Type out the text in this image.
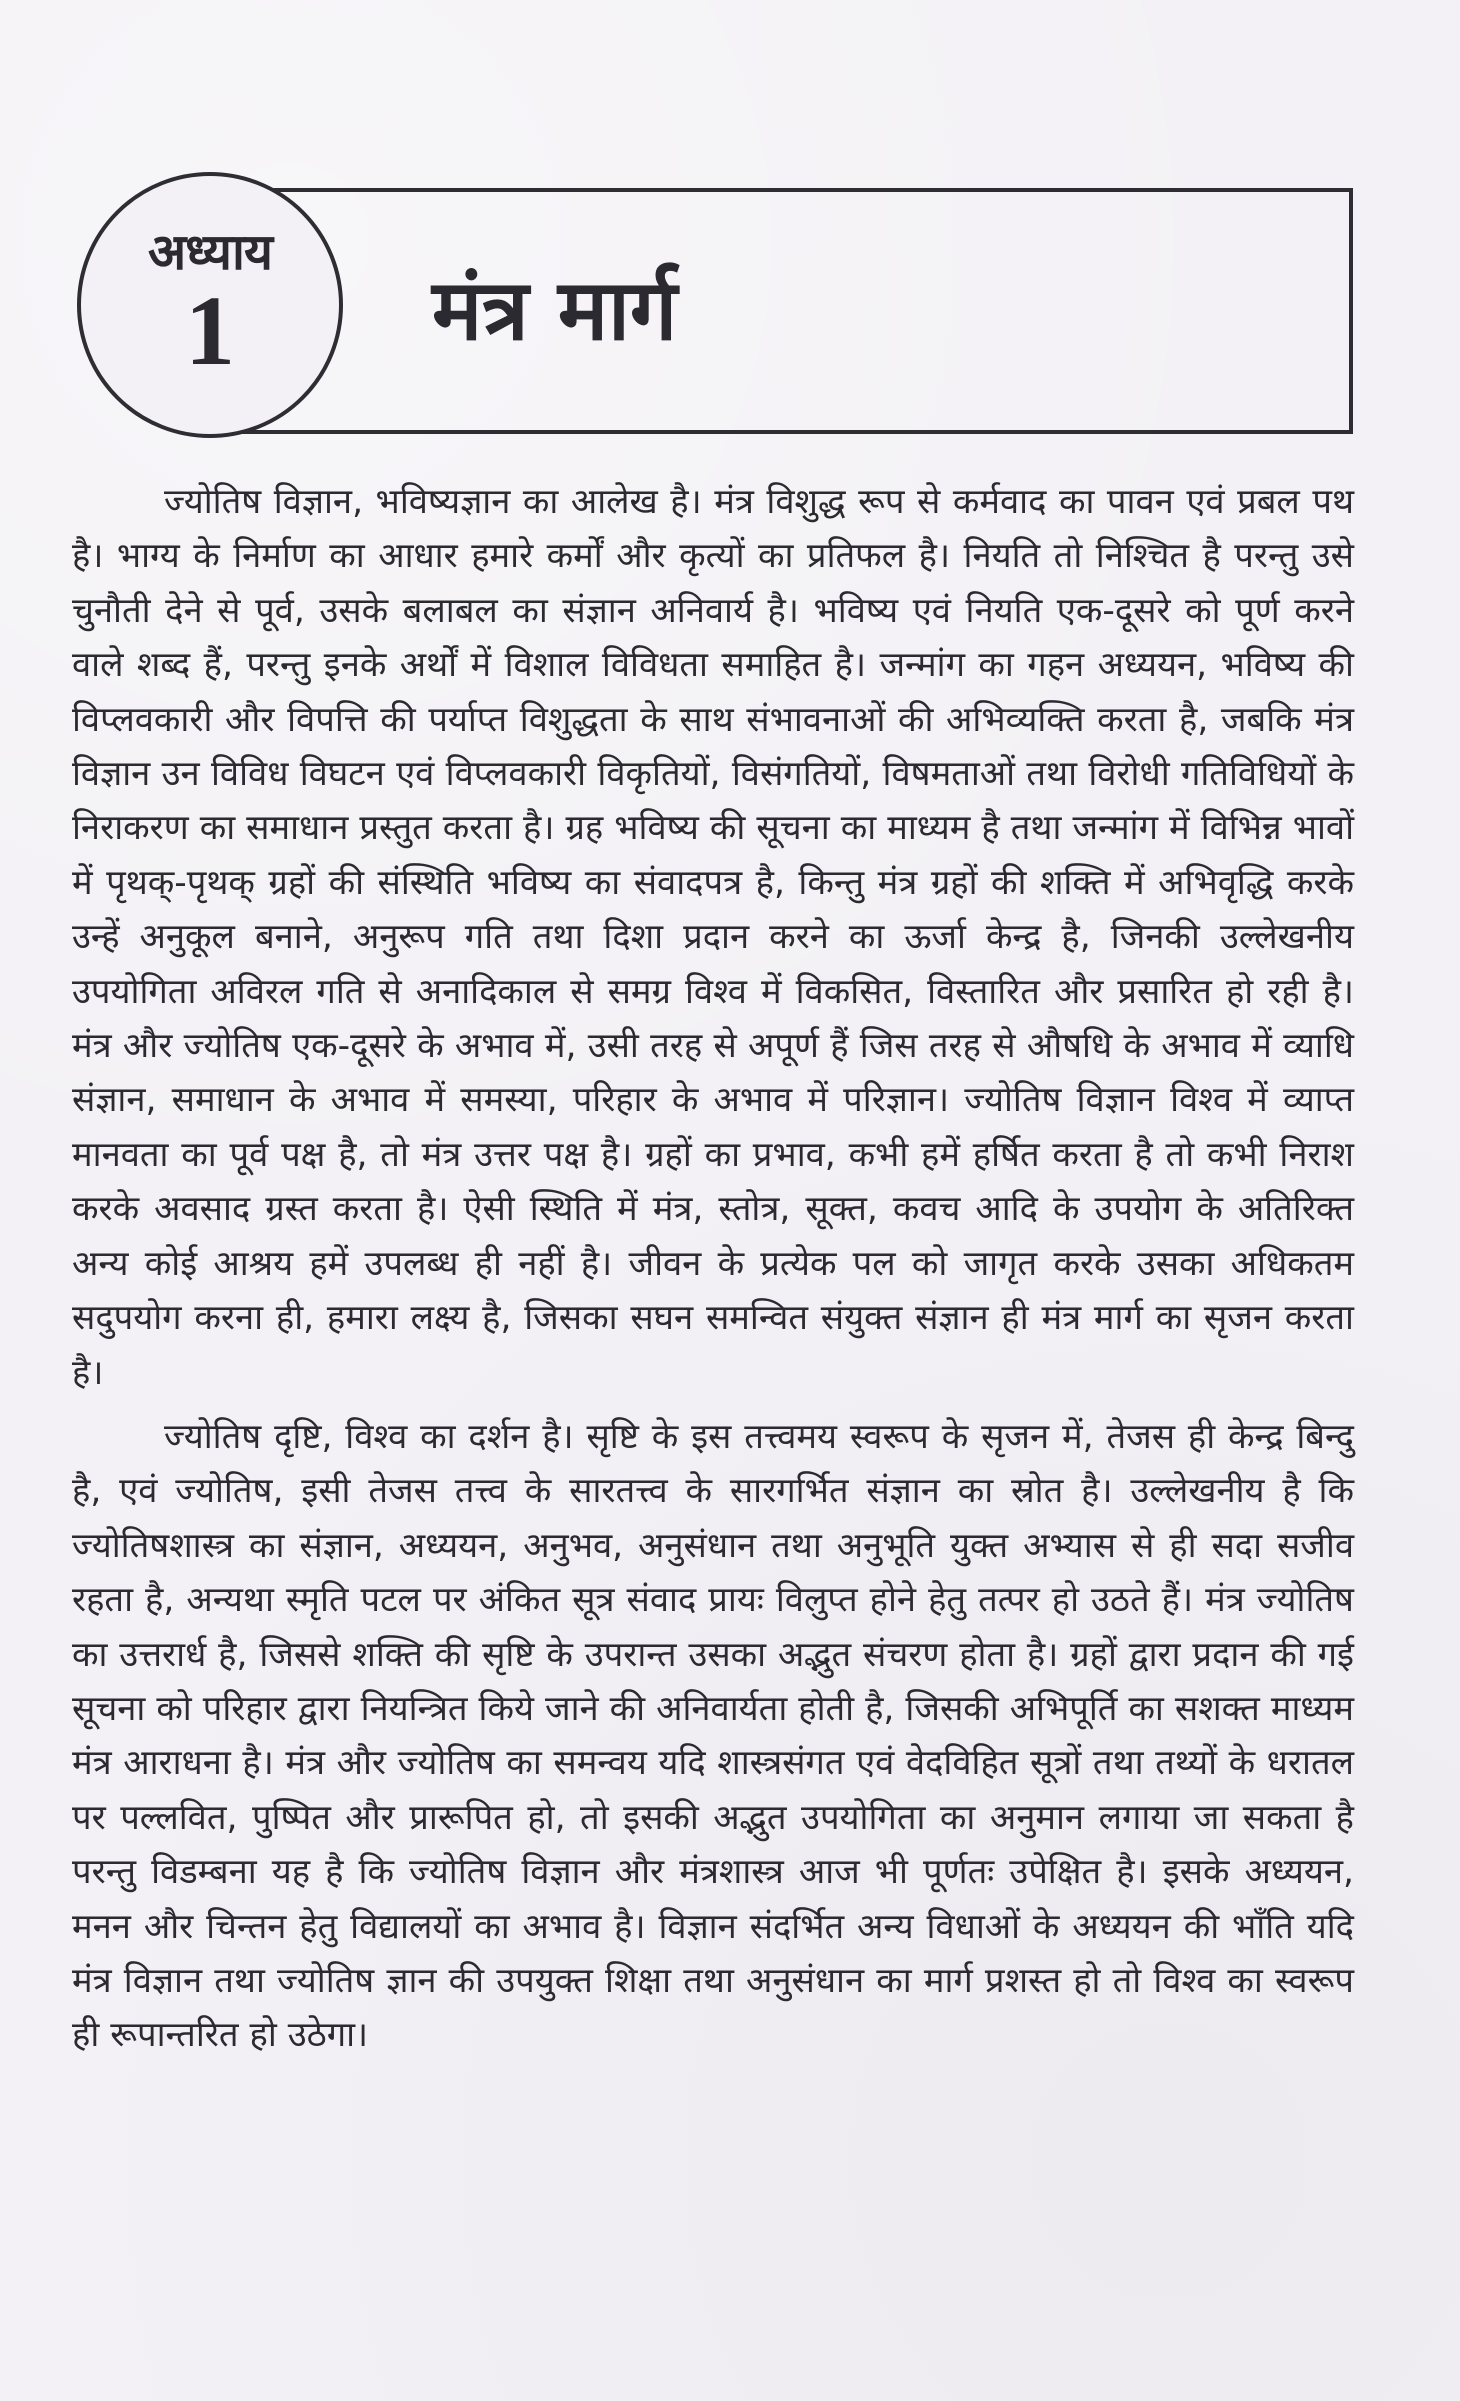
अध्याय
1	मंत्र मार्ग

ज्योतिष विज्ञान, भविष्यज्ञान का आलेख है। मंत्र विशुद्ध रूप से कर्मवाद का पावन एवं प्रबल पथ है। भाग्य के निर्माण का आधार हमारे कर्मों और कृत्यों का प्रतिफल है। नियति तो निश्चित है परन्तु उसे चुनौती देने से पूर्व, उसके बलाबल का संज्ञान अनिवार्य है। भविष्य एवं नियति एक-दूसरे को पूर्ण करने वाले शब्द हैं, परन्तु इनके अर्थों में विशाल विविधता समाहित है। जन्मांग का गहन अध्ययन, भविष्य की विप्लवकारी और विपत्ति की पर्याप्त विशुद्धता के साथ संभावनाओं की अभिव्यक्ति करता है, जबकि मंत्र विज्ञान उन विविध विघटन एवं विप्लवकारी विकृतियों, विसंगतियों, विषमताओं तथा विरोधी गतिविधियों के निराकरण का समाधान प्रस्तुत करता है। ग्रह भविष्य की सूचना का माध्यम है तथा जन्मांग में विभिन्न भावों में पृथक्-पृथक् ग्रहों की संस्थिति भविष्य का संवादपत्र है, किन्तु मंत्र ग्रहों की शक्ति में अभिवृद्धि करके उन्हें अनुकूल बनाने, अनुरूप गति तथा दिशा प्रदान करने का ऊर्जा केन्द्र है, जिनकी उल्लेखनीय उपयोगिता अविरल गति से अनादिकाल से समग्र विश्व में विकसित, विस्तारित और प्रसारित हो रही है। मंत्र और ज्योतिष एक-दूसरे के अभाव में, उसी तरह से अपूर्ण हैं जिस तरह से औषधि के अभाव में व्याधि संज्ञान, समाधान के अभाव में समस्या, परिहार के अभाव में परिज्ञान। ज्योतिष विज्ञान विश्व में व्याप्त मानवता का पूर्व पक्ष है, तो मंत्र उत्तर पक्ष है। ग्रहों का प्रभाव, कभी हमें हर्षित करता है तो कभी निराश करके अवसाद ग्रस्त करता है। ऐसी स्थिति में मंत्र, स्तोत्र, सूक्त, कवच आदि के उपयोग के अतिरिक्त अन्य कोई आश्रय हमें उपलब्ध ही नहीं है। जीवन के प्रत्येक पल को जागृत करके उसका अधिकतम सदुपयोग करना ही, हमारा लक्ष्य है, जिसका सघन समन्वित संयुक्त संज्ञान ही मंत्र मार्ग का सृजन करता है।

ज्योतिष दृष्टि, विश्व का दर्शन है। सृष्टि के इस तत्त्वमय स्वरूप के सृजन में, तेजस ही केन्द्र बिन्दु है, एवं ज्योतिष, इसी तेजस तत्त्व के सारतत्त्व के सारगर्भित संज्ञान का स्रोत है। उल्लेखनीय है कि ज्योतिषशास्त्र का संज्ञान, अध्ययन, अनुभव, अनुसंधान तथा अनुभूति युक्त अभ्यास से ही सदा सजीव रहता है, अन्यथा स्मृति पटल पर अंकित सूत्र संवाद प्रायः विलुप्त होने हेतु तत्पर हो उठते हैं। मंत्र ज्योतिष का उत्तरार्ध है, जिससे शक्ति की सृष्टि के उपरान्त उसका अद्भुत संचरण होता है। ग्रहों द्वारा प्रदान की गई सूचना को परिहार द्वारा नियन्त्रित किये जाने की अनिवार्यता होती है, जिसकी अभिपूर्ति का सशक्त माध्यम मंत्र आराधना है। मंत्र और ज्योतिष का समन्वय यदि शास्त्रसंगत एवं वेदविहित सूत्रों तथा तथ्यों के धरातल पर पल्लवित, पुष्पित और प्रारूपित हो, तो इसकी अद्भुत उपयोगिता का अनुमान लगाया जा सकता है परन्तु विडम्बना यह है कि ज्योतिष विज्ञान और मंत्रशास्त्र आज भी पूर्णतः उपेक्षित है। इसके अध्ययन, मनन और चिन्तन हेतु विद्यालयों का अभाव है। विज्ञान संदर्भित अन्य विधाओं के अध्ययन की भाँति यदि मंत्र विज्ञान तथा ज्योतिष ज्ञान की उपयुक्त शिक्षा तथा अनुसंधान का मार्ग प्रशस्त हो तो विश्व का स्वरूप ही रूपान्तरित हो उठेगा।
